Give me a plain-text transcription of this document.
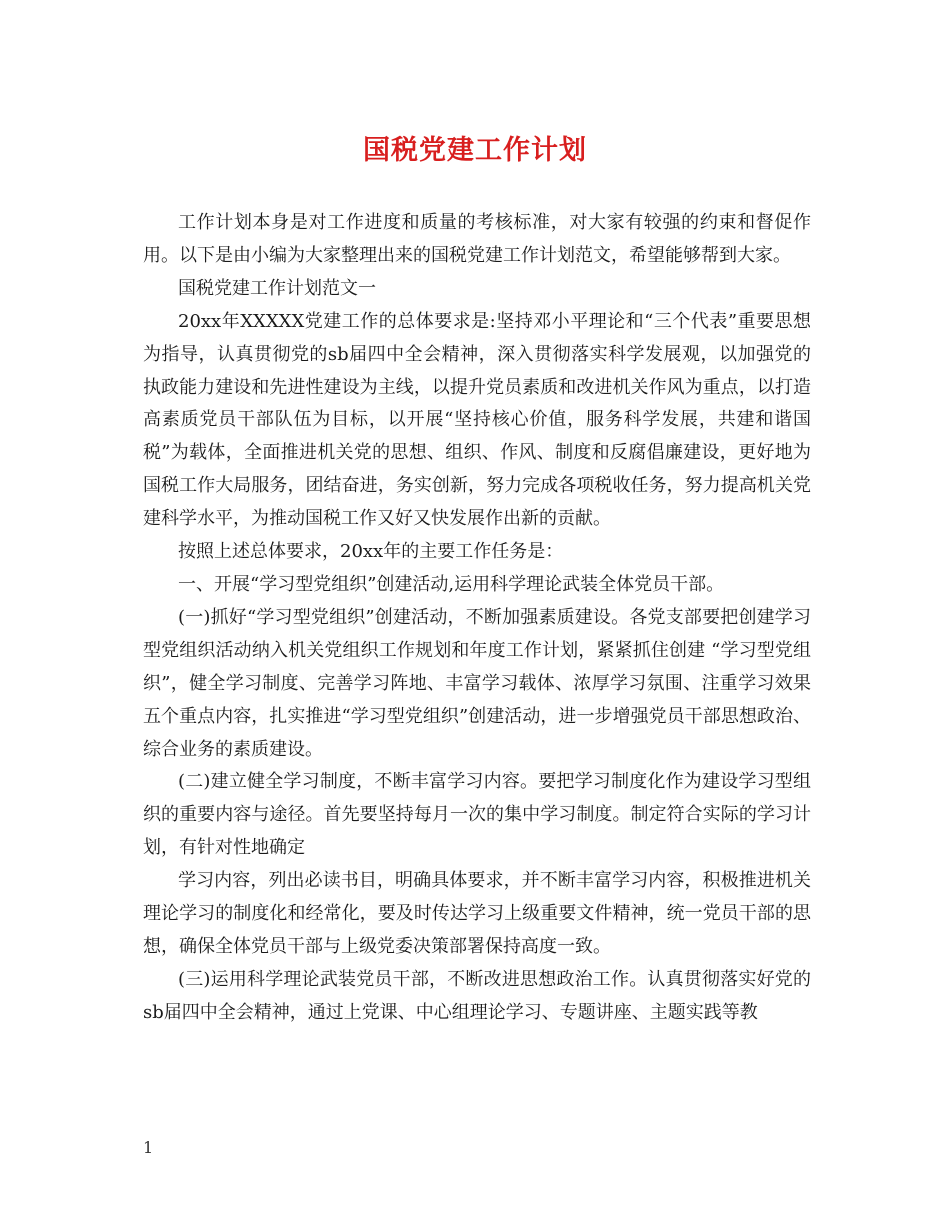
国税党建工作计划

工作计划本身是对工作进度和质量的考核标准，对大家有较强的约束和督促作用。以下是由小编为大家整理出来的国税党建工作计划范文，希望能够帮到大家。

国税党建工作计划范文一

20xx年XXXXX党建工作的总体要求是:坚持邓小平理论和“三个代表”重要思想为指导，认真贯彻党的sb届四中全会精神，深入贯彻落实科学发展观，以加强党的执政能力建设和先进性建设为主线，以提升党员素质和改进机关作风为重点，以打造高素质党员干部队伍为目标，以开展“坚持核心价值，服务科学发展，共建和谐国税”为载体，全面推进机关党的思想、组织、作风、制度和反腐倡廉建设，更好地为国税工作大局服务，团结奋进，务实创新，努力完成各项税收任务，努力提高机关党建科学水平，为推动国税工作又好又快发展作出新的贡献。

按照上述总体要求，20xx年的主要工作任务是：

一、开展“学习型党组织”创建活动,运用科学理论武装全体党员干部。

(一)抓好“学习型党组织”创建活动，不断加强素质建设。各党支部要把创建学习型党组织活动纳入机关党组织工作规划和年度工作计划，紧紧抓住创建 “学习型党组织”，健全学习制度、完善学习阵地、丰富学习载体、浓厚学习氛围、注重学习效果五个重点内容，扎实推进“学习型党组织”创建活动，进一步增强党员干部思想政治、综合业务的素质建设。

(二)建立健全学习制度，不断丰富学习内容。要把学习制度化作为建设学习型组织的重要内容与途径。首先要坚持每月一次的集中学习制度。制定符合实际的学习计划，有针对性地确定

学习内容，列出必读书目，明确具体要求，并不断丰富学习内容，积极推进机关理论学习的制度化和经常化，要及时传达学习上级重要文件精神，统一党员干部的思想，确保全体党员干部与上级党委决策部署保持高度一致。

(三)运用科学理论武装党员干部，不断改进思想政治工作。认真贯彻落实好党的sb届四中全会精神，通过上党课、中心组理论学习、专题讲座、主题实践等教

1
